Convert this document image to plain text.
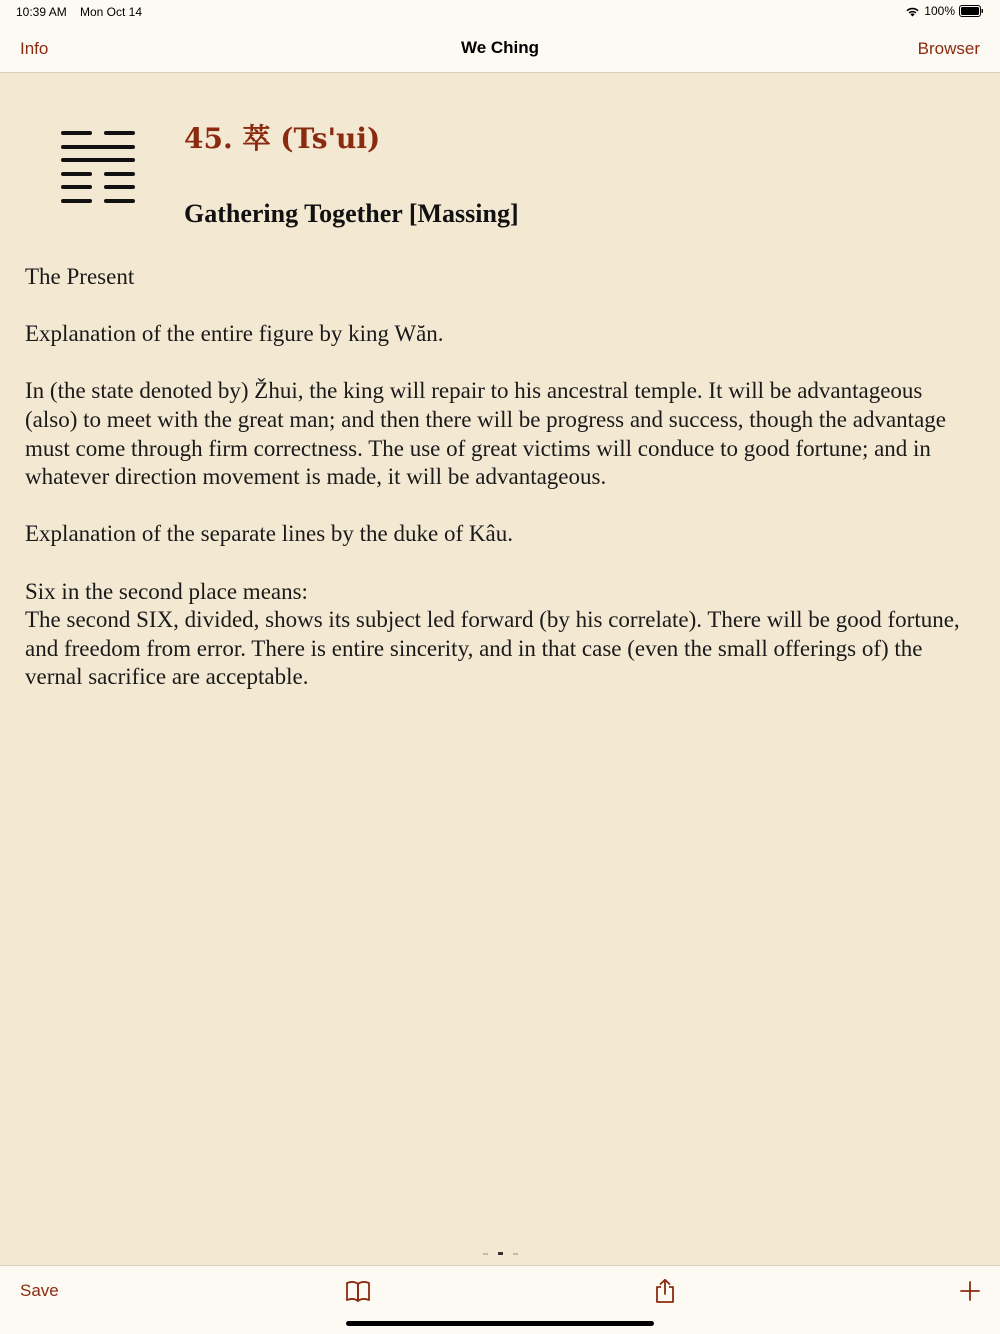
10:39 AM Mon Oct 14	100%
Info	We Ching	Browser
45. 萃 (Ts'ui)
Gathering Together [Massing]

The Present

Explanation of the entire figure by king Wăn.

In (the state denoted by) Žhui, the king will repair to his ancestral temple. It will be advantageous (also) to meet with the great man; and then there will be progress and success, though the advantage must come through firm correctness. The use of great victims will conduce to good fortune; and in whatever direction movement is made, it will be advantageous.

Explanation of the separate lines by the duke of Kâu.

Six in the second place means:

The second SIX, divided, shows its subject led forward (by his correlate). There will be good fortune, and freedom from error. There is entire sincerity, and in that case (even the small offerings of) the vernal sacrifice are acceptable.

Save
